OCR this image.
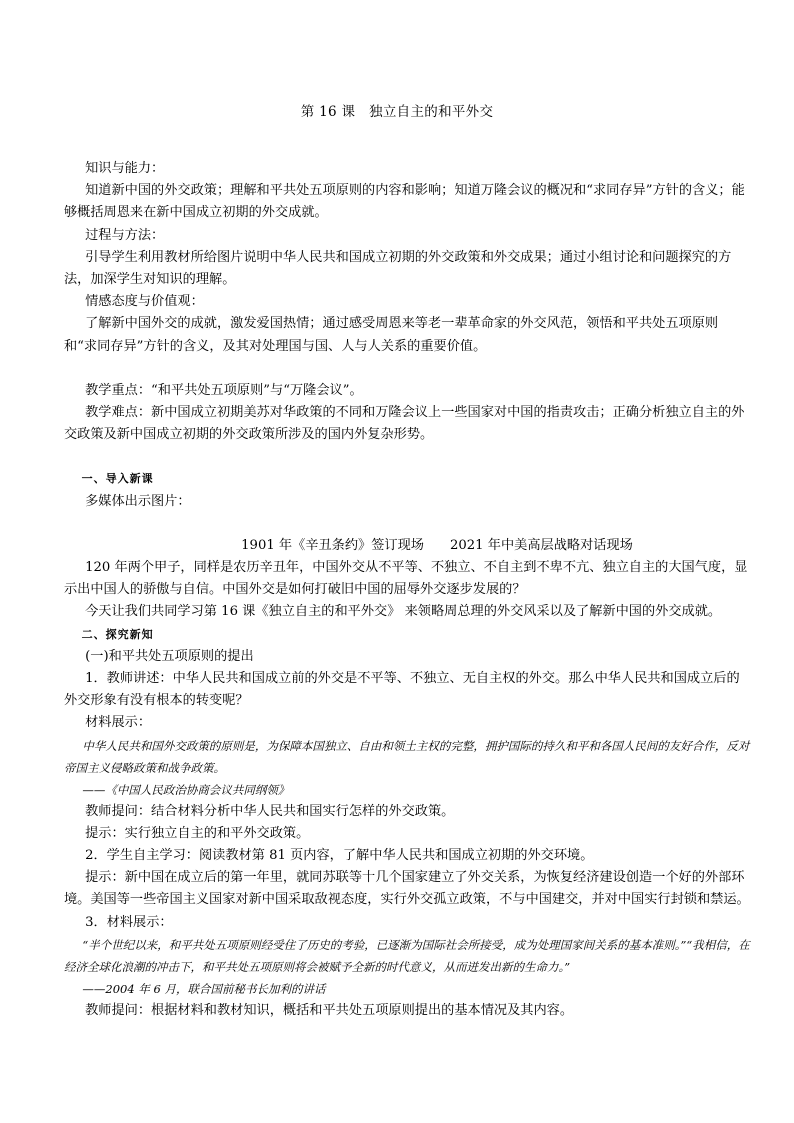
第 16 课　独立自主的和平外交

知识与能力：

知道新中国的外交政策；理解和平共处五项原则的内容和影响；知道万隆会议的概况和“求同存异”方针的含义；能够概括周恩来在新中国成立初期的外交成就。

过程与方法：

引导学生利用教材所给图片说明中华人民共和国成立初期的外交政策和外交成果；通过小组讨论和问题探究的方法，加深学生对知识的理解。

情感态度与价值观：

了解新中国外交的成就，激发爱国热情；通过感受周恩来等老一辈革命家的外交风范，领悟和平共处五项原则和“求同存异”方针的含义，及其对处理国与国、人与人关系的重要价值。

教学重点：“和平共处五项原则”与“万隆会议”。

教学难点：新中国成立初期美苏对华政策的不同和万隆会议上一些国家对中国的指责攻击；正确分析独立自主的外交政策及新中国成立初期的外交政策所涉及的国内外复杂形势。

一、导入新课

多媒体出示图片：

1901 年《辛丑条约》签订现场 2021 年中美高层战略对话现场

120 年两个甲子，同样是农历辛丑年，中国外交从不平等、不独立、不自主到不卑不亢、独立自主的大国气度，显示出中国人的骄傲与自信。中国外交是如何打破旧中国的屈辱外交逐步发展的？

今天让我们共同学习第 16 课《独立自主的和平外交》 来领略周总理的外交风采以及了解新中国的外交成就。

二、探究新知

(一)和平共处五项原则的提出

1．教师讲述：中华人民共和国成立前的外交是不平等、不独立、无自主权的外交。那么中华人民共和国成立后的外交形象有没有根本的转变呢？

材料展示：

中华人民共和国外交政策的原则是，为保障本国独立、自由和领土主权的完整，拥护国际的持久和平和各国人民间的友好合作，反对帝国主义侵略政策和战争政策。

——《中国人民政治协商会议共同纲领》

教师提问：结合材料分析中华人民共和国实行怎样的外交政策。

提示：实行独立自主的和平外交政策。

2．学生自主学习：阅读教材第 81 页内容，了解中华人民共和国成立初期的外交环境。

提示：新中国在成立后的第一年里，就同苏联等十几个国家建立了外交关系，为恢复经济建设创造一个好的外部环境。美国等一些帝国主义国家对新中国采取敌视态度，实行外交孤立政策，不与中国建交，并对中国实行封锁和禁运。

3．材料展示：

“半个世纪以来，和平共处五项原则经受住了历史的考验，已逐渐为国际社会所接受，成为处理国家间关系的基本准则。”“我相信，在经济全球化浪潮的冲击下，和平共处五项原则将会被赋予全新的时代意义，从而迸发出新的生命力。”

——2004 年 6 月，联合国前秘书长加利的讲话

教师提问：根据材料和教材知识，概括和平共处五项原则提出的基本情况及其内容。
